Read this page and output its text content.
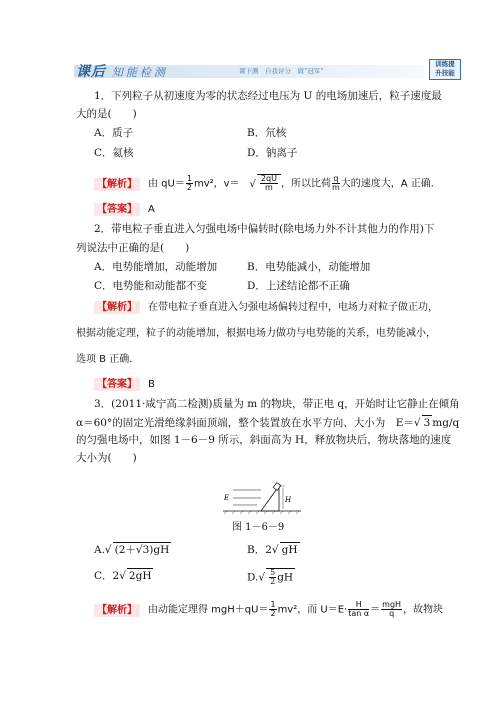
课后 知能检测	课下测　自我评分　做“冠军”
训练提
升技能
1．下列粒子从初速度为零的状态经过电压为 U 的电场加速后，粒子速度最
大的是(　　)
A．质子	B．氘核
C．氦核	D．钠离子
【解析】 由 $qU= \frac{1}{2} mv^2$，v＝ √ $\frac{2qU}{m}$ ，所以比荷 $\frac{q}{m}$ 大的速度大，A 正确．
【答案】 A
2．带电粒子垂直进入匀强电场中偏转时(除电场力外不计其他力的作用)下
列说法中正确的是(　　)
A．电势能增加，动能增加	B．电势能减小，动能增加
C．电势能和动能都不变	D．上述结论都不正确
【解析】 在带电粒子垂直进入匀强电场偏转过程中，电场力对粒子做正功，
根据动能定理，粒子的动能增加，根据电场力做功与电势能的关系，电势能减小，
选项 B 正确．
【答案】 B
3．(2011·咸宁高二检测)质量为 m 的物块，带正电 q，开始时让它静止在倾角
α＝60°的固定光滑绝缘斜面顶端，整个装置放在水平方向、大小为　E＝√ 3 mg/q
的匀强电场中，如图 1－6－9 所示，斜面高为 H，释放物块后，物块落地的速度
大小为(　　)
E	H
图 1－6－9
A.√ (2＋√3)gH	B．2√ gH
C．2√ 2gH	$D.√ \frac{5}{2}$ gH
【解析】 由动能定理得 $mgH+qU= \frac{1}{2} mv^2$，而 $U=E\cdot \frac{H}{\text{tan α}} = \frac{\text{mgH}}{q}$ ，故物块
